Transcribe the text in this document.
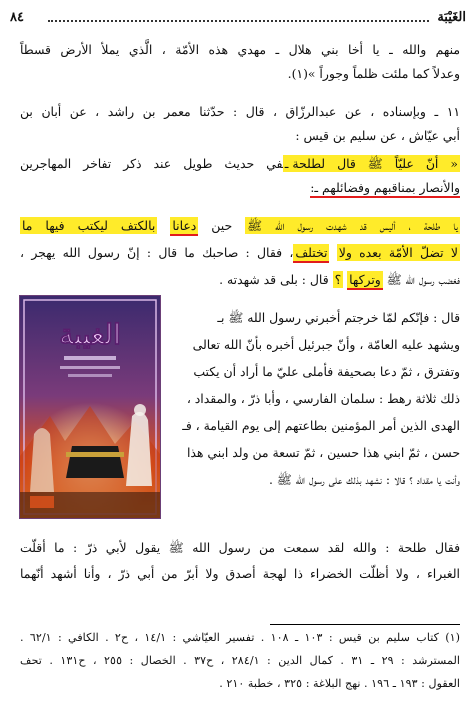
٨٤	الغَيْبَة
منهم والله ـ يا أخا بني هلال ـ مهدي هذه الأمّة ، الَّذي يملأ الأرض قسطاً
وعدلاً كما ملئت ظلماً وجوراً »(١).
١١ ـ وبإسناده ، عن عبدالرزّاق ، قال : حدّثنا معمر بن راشد ، عن أبان بن
أبي عيّاش ، عن سليم بن قيس :
« أنّ عليّاً ﷺ قال لطلحةـفي حديث طويل عند ذكر تفاخر المهاجرين
والأنصار بمناقبهم وفضائلهم ـ:
يا طلحة ، أليس قد شهدت رسول الله ﷺ حين دعانا بالكتف ليكتب فيها ما
لا تضلّ الأمّة بعده ولا تختلف، فقال : صاحبك ما قال : إنّ رسول الله يهجر ،
فغضب رسول الله ﷺ وتركها ؟ قال : بلى قد شهدته .
قال : فإنّكم لمّا خرجتم أخبرني رسول الله ﷺ بـ
ويشهد عليه العامّة ، وأنّ جبرئيل أخبره بأنّ الله تعالى
وتفترق ، ثمّ دعا بصحيفة فأملى عليّ ما أراد أن يكتب
ذلك ثلاثة رهط : سلمان الفارسي ، وأبا ذرّ ، والمقداد ،
الهدى الذين أمر المؤمنين بطاعتهم إلى يوم القيامة ، فـ
حسن ، ثمّ ابني هذا حسين ، ثمّ تسعة من ولد ابني هذا
وأنت يا مقداد ؟ قالا : نشهد بذلك على رسول الله ﷺ .
فقال طلحة : والله لقد سمعت من رسول الله ﷺ يقول لأبي ذرّ : ما أقلّت
الغبراء ، ولا أظلّت الخضراء ذا لهجة أصدق ولا أبرّ من أبي ذرّ ، وأنا أشهد أنّهما
الغيبة
(١) كتاب سليم بن قيس : ١٠٣ ـ ١٠٨ . تفسير العيّاشي : ١٤/١ ، ح٢ . الكافي : ٦٢/١ .
المسترشد : ٢٩ ـ ٣١ . كمال الدين : ٢٨٤/١ ، ح٣٧ . الخصال : ٢٥٥ ، ح١٣١ . تحف
العقول : ١٩٣ ـ ١٩٦ . نهج البلاغة : ٣٢٥ ، خطبة ٢١٠ .
